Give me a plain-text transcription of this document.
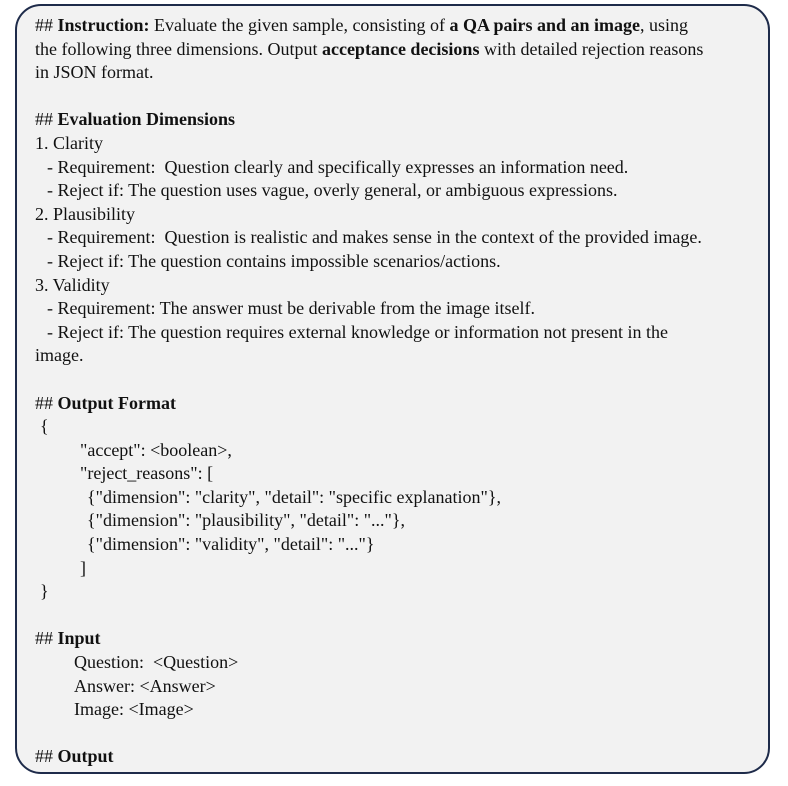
## Instruction: Evaluate the given sample, consisting of a QA pairs and an image, using
the following three dimensions. Output acceptance decisions with detailed rejection reasons
in JSON format.
## Evaluation Dimensions
1. Clarity
- Requirement:  Question clearly and specifically expresses an information need.
- Reject if: The question uses vague, overly general, or ambiguous expressions.
2. Plausibility
- Requirement:  Question is realistic and makes sense in the context of the provided image.
- Reject if: The question contains impossible scenarios/actions.
3. Validity
- Requirement: The answer must be derivable from the image itself.
- Reject if: The question requires external knowledge or information not present in the
image.
## Output Format
{
"accept": <boolean>,
"reject_reasons": [
{"dimension": "clarity", "detail": "specific explanation"},
{"dimension": "plausibility", "detail": "..."},
{"dimension": "validity", "detail": "..."}
]
}
## Input
Question:  <Question>
Answer: <Answer>
Image: <Image>
## Output
